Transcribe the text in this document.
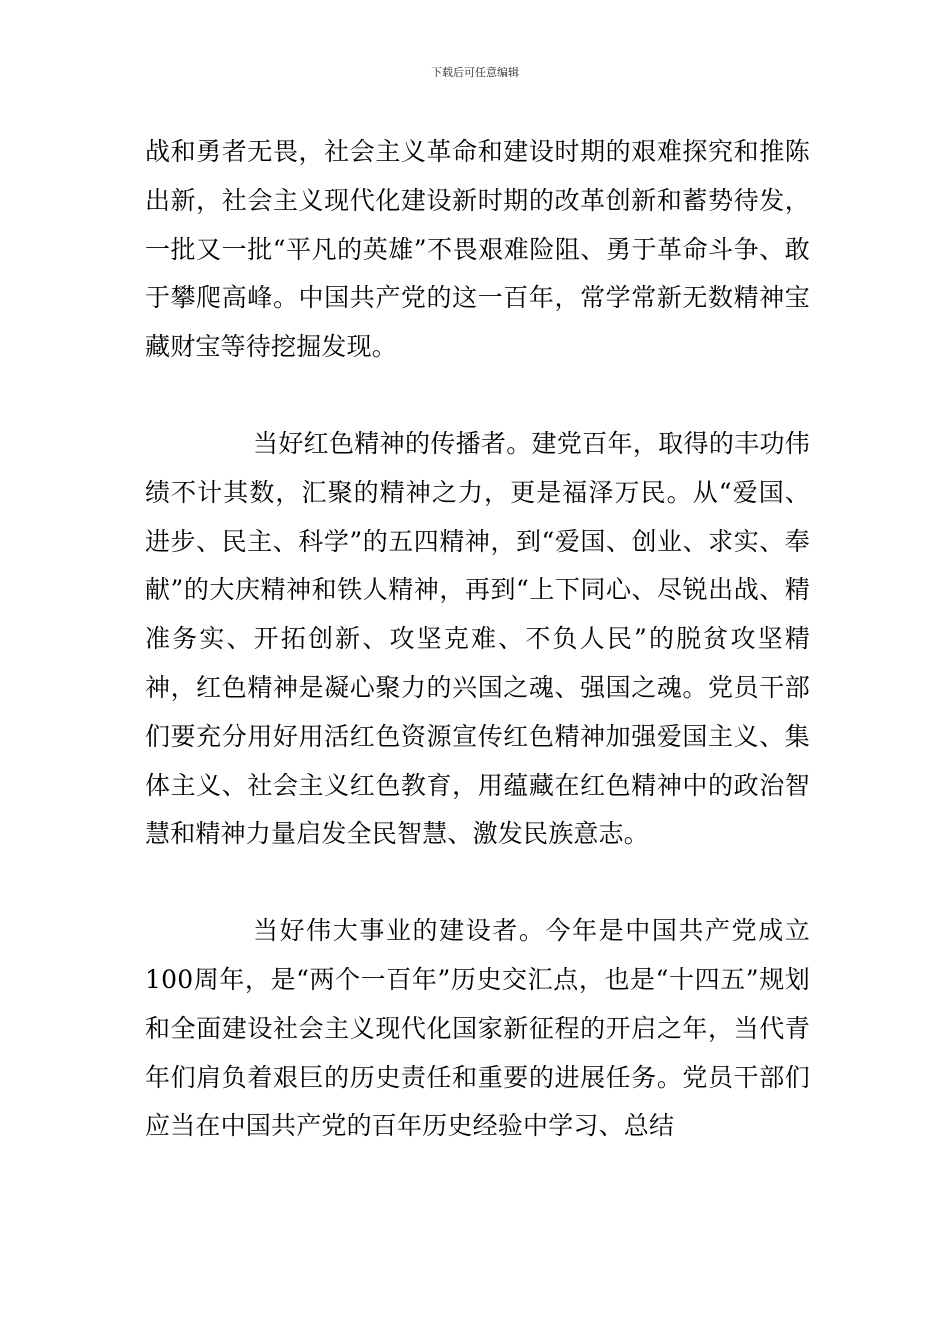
下载后可任意编辑

战和勇者无畏，社会主义革命和建设时期的艰难探究和推陈出新，社会主义现代化建设新时期的改革创新和蓄势待发，一批又一批“平凡的英雄”不畏艰难险阻、勇于革命斗争、敢于攀爬高峰。中国共产党的这一百年，常学常新无数精神宝藏财宝等待挖掘发现。

当好红色精神的传播者。建党百年，取得的丰功伟绩不计其数，汇聚的精神之力，更是福泽万民。从“爱国、进步、民主、科学”的五四精神，到“爱国、创业、求实、奉献”的大庆精神和铁人精神，再到“上下同心、尽锐出战、精准务实、开拓创新、攻坚克难、不负人民”的脱贫攻坚精神，红色精神是凝心聚力的兴国之魂、强国之魂。党员干部们要充分用好用活红色资源宣传红色精神加强爱国主义、集体主义、社会主义红色教育，用蕴藏在红色精神中的政治智慧和精神力量启发全民智慧、激发民族意志。

当好伟大事业的建设者。今年是中国共产党成立100周年，是“两个一百年”历史交汇点，也是“十四五”规划和全面建设社会主义现代化国家新征程的开启之年，当代青年们肩负着艰巨的历史责任和重要的进展任务。党员干部们应当在中国共产党的百年历史经验中学习、总结
